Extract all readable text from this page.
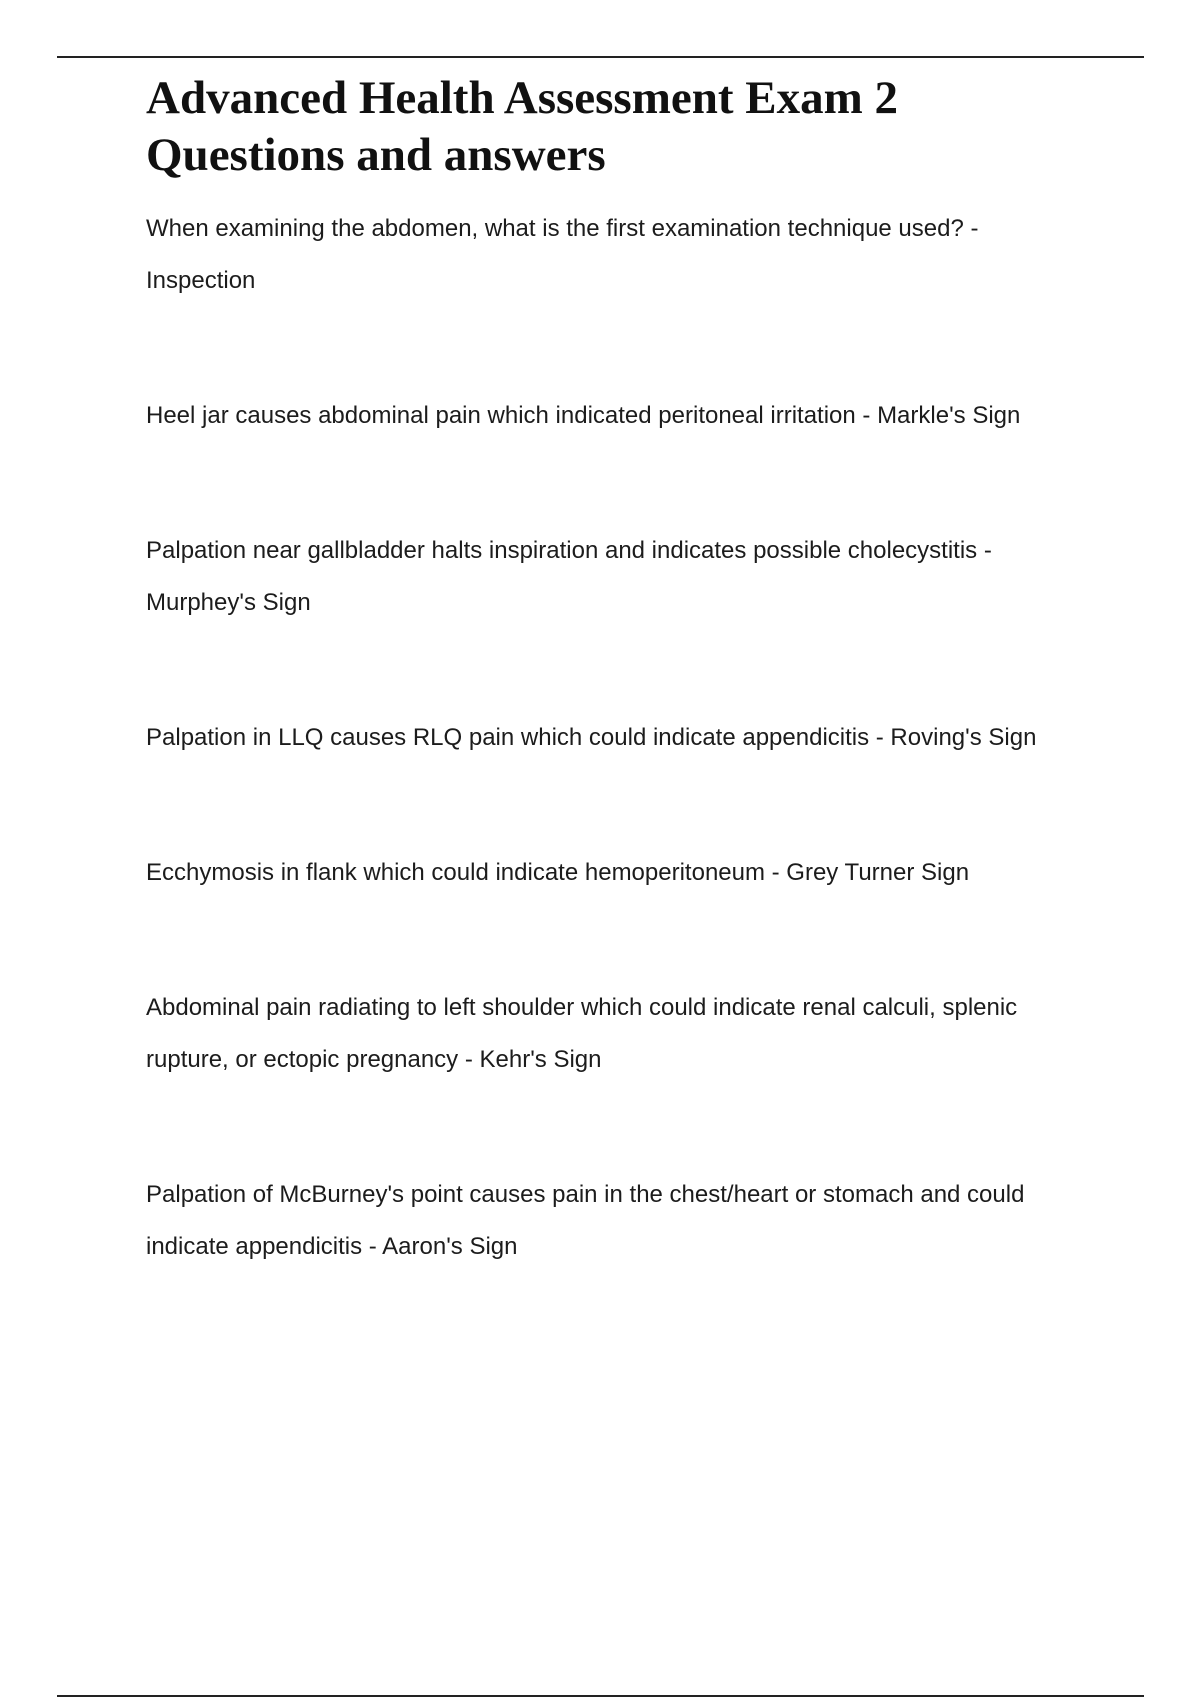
Advanced Health Assessment Exam 2 Questions and answers
When examining the abdomen, what is the first examination technique used? - Inspection
Heel jar causes abdominal pain which indicated peritoneal irritation - Markle's Sign
Palpation near gallbladder halts inspiration and indicates possible cholecystitis - Murphey's Sign
Palpation in LLQ causes RLQ pain which could indicate appendicitis - Roving's Sign
Ecchymosis in flank which could indicate hemoperitoneum - Grey Turner Sign
Abdominal pain radiating to left shoulder which could indicate renal calculi, splenic rupture, or ectopic pregnancy - Kehr's Sign
Palpation of McBurney's point causes pain in the chest/heart or stomach and could indicate appendicitis - Aaron's Sign
